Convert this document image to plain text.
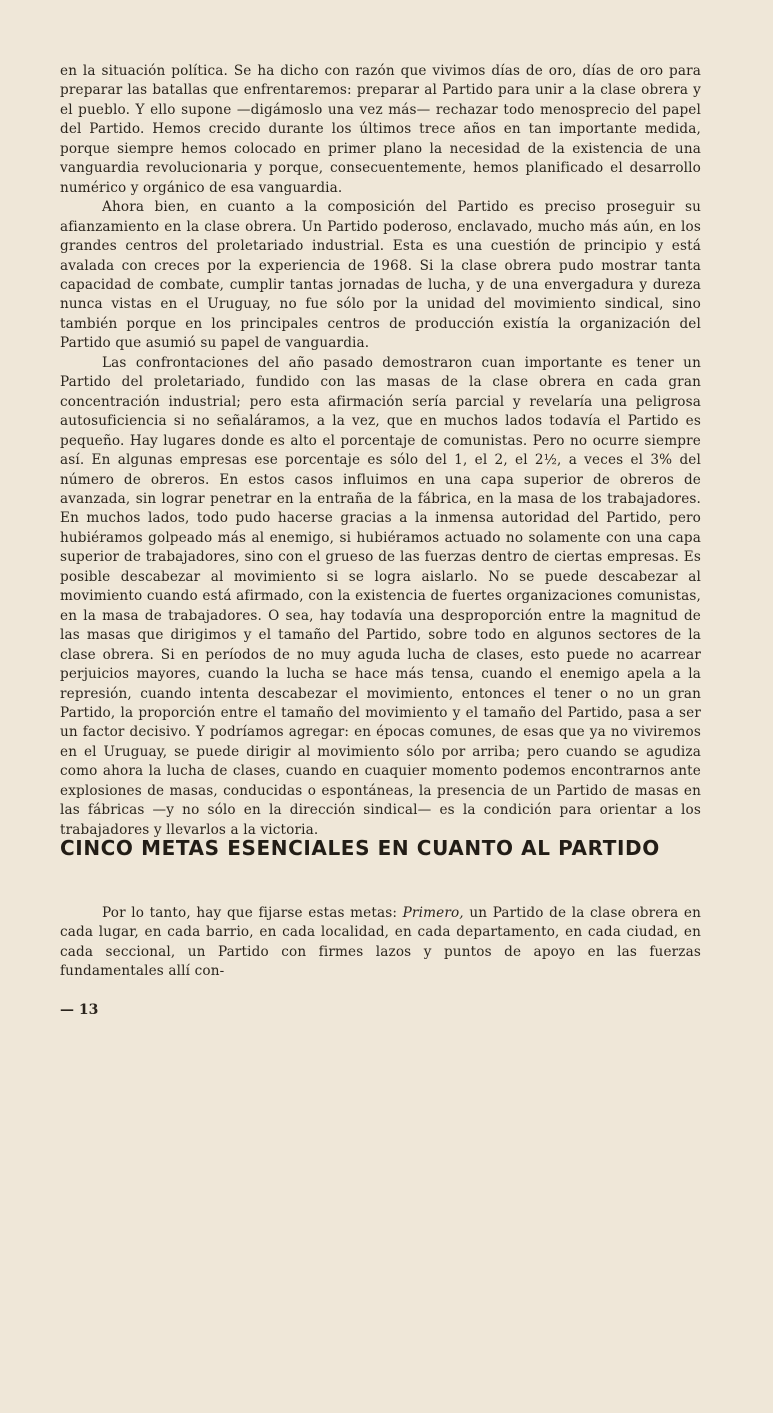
en la situación política. Se ha dicho con razón que vivimos días de oro, días de oro para preparar las batallas que enfrentaremos: preparar al Partido para unir a la clase obrera y el pueblo. Y ello supone —digámoslo una vez más— rechazar todo menosprecio del papel del Partido. Hemos crecido durante los últimos trece años en tan importante medida, porque siempre hemos colocado en primer plano la necesidad de la existencia de una vanguardia revolucionaria y porque, consecuentemente, hemos planificado el desarrollo numérico y orgánico de esa vanguardia.

Ahora bien, en cuanto a la composición del Partido es preciso proseguir su afianzamiento en la clase obrera. Un Partido poderoso, enclavado, mucho más aún, en los grandes centros del proletariado industrial. Esta es una cuestión de principio y está avalada con creces por la experiencia de 1968. Si la clase obrera pudo mostrar tanta capacidad de combate, cumplir tantas jornadas de lucha, y de una envergadura y dureza nunca vistas en el Uruguay, no fue sólo por la unidad del movimiento sindical, sino también porque en los principales centros de producción existía la organización del Partido que asumió su papel de vanguardia.

Las confrontaciones del año pasado demostraron cuan importante es tener un Partido del proletariado, fundido con las masas de la clase obrera en cada gran concentración industrial; pero esta afirmación sería parcial y revelaría una peligrosa autosuficiencia si no señaláramos, a la vez, que en muchos lados todavía el Partido es pequeño. Hay lugares donde es alto el porcentaje de comunistas. Pero no ocurre siempre así. En algunas empresas ese porcentaje es sólo del 1, el 2, el 2½, a veces el 3% del número de obreros. En estos casos influimos en una capa superior de obreros de avanzada, sin lograr penetrar en la entraña de la fábrica, en la masa de los trabajadores. En muchos lados, todo pudo hacerse gracias a la inmensa autoridad del Partido, pero hubiéramos golpeado más al enemigo, si hubiéramos actuado no solamente con una capa superior de trabajadores, sino con el grueso de las fuerzas dentro de ciertas empresas. Es posible descabezar al movimiento si se logra aislarlo. No se puede descabezar al movimiento cuando está afirmado, con la existencia de fuertes organizaciones comunistas, en la masa de trabajadores. O sea, hay todavía una desproporción entre la magnitud de las masas que dirigimos y el tamaño del Partido, sobre todo en algunos sectores de la clase obrera. Si en períodos de no muy aguda lucha de clases, esto puede no acarrear perjuicios mayores, cuando la lucha se hace más tensa, cuando el enemigo apela a la represión, cuando intenta descabezar el movimiento, entonces el tener o no un gran Partido, la proporción entre el tamaño del movimiento y el tamaño del Partido, pasa a ser un factor decisivo. Y podríamos agregar: en épocas comunes, de esas que ya no viviremos en el Uruguay, se puede dirigir al movimiento sólo por arriba; pero cuando se agudiza como ahora la lucha de clases, cuando en cuaquier momento podemos encontrarnos ante explosiones de masas, conducidas o espontáneas, la presencia de un Partido de masas en las fábricas —y no sólo en la dirección sindical— es la condición para orientar a los trabajadores y llevarlos a la victoria.

CINCO METAS ESENCIALES EN CUANTO AL PARTIDO

Por lo tanto, hay que fijarse estas metas: Primero, un Partido de la clase obrera en cada lugar, en cada barrio, en cada localidad, en cada departamento, en cada ciudad, en cada seccional, un Partido con firmes lazos y puntos de apoyo en las fuerzas fundamentales allí con-

— 13
